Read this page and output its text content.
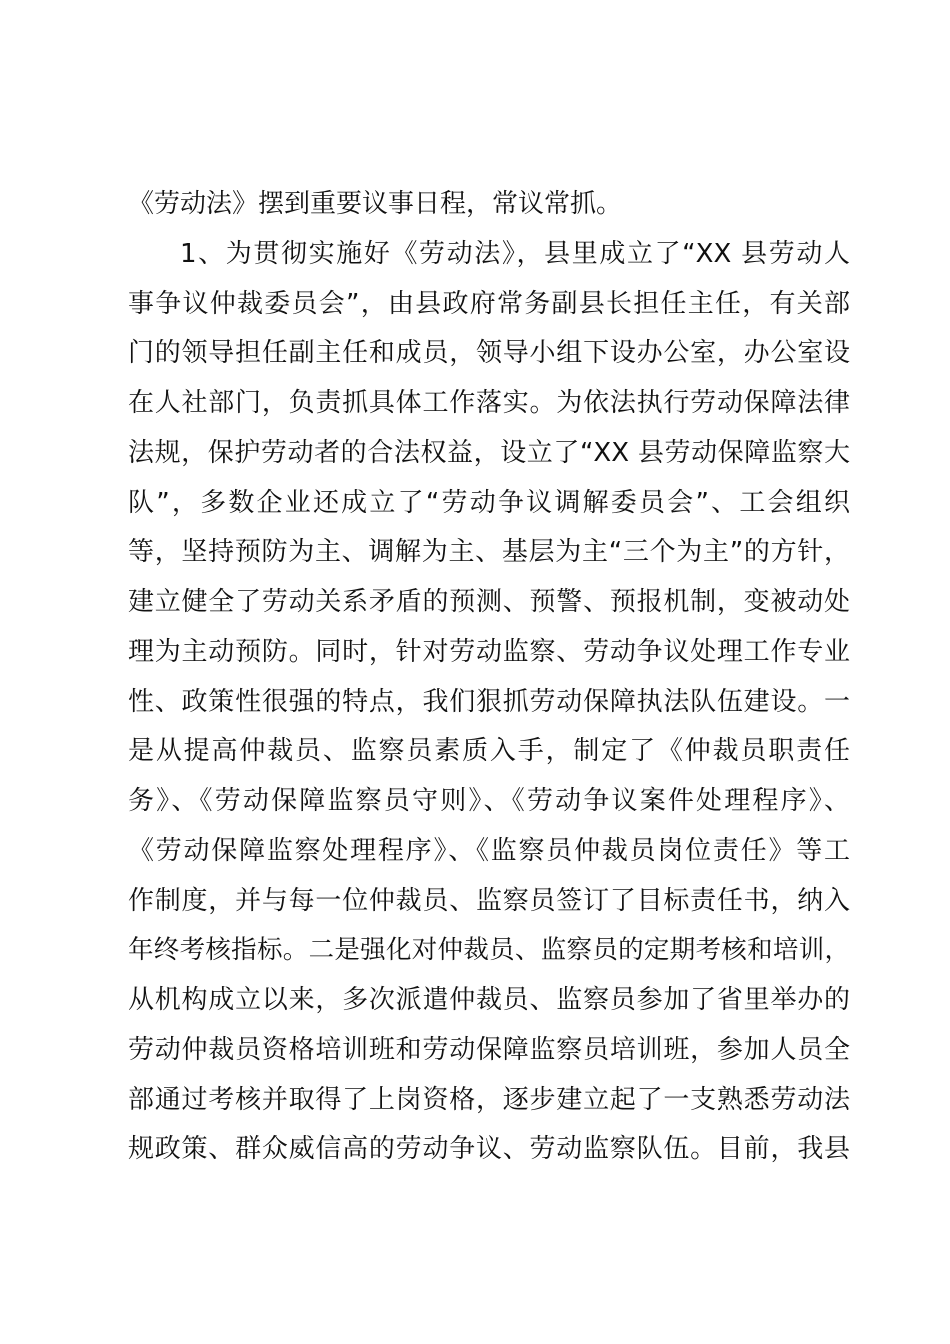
《劳动法》摆到重要议事日程，常议常抓。
1、为贯彻实施好《劳动法》，县里成立了“XX 县劳动人
事争议仲裁委员会”，由县政府常务副县长担任主任，有关部
门的领导担任副主任和成员，领导小组下设办公室，办公室设
在人社部门，负责抓具体工作落实。为依法执行劳动保障法律
法规，保护劳动者的合法权益，设立了“XX 县劳动保障监察大
队”，多数企业还成立了“劳动争议调解委员会”、工会组织
等，坚持预防为主、调解为主、基层为主“三个为主”的方针，
建立健全了劳动关系矛盾的预测、预警、预报机制，变被动处
理为主动预防。同时，针对劳动监察、劳动争议处理工作专业
性、政策性很强的特点，我们狠抓劳动保障执法队伍建设。一
是从提高仲裁员、监察员素质入手，制定了《仲裁员职责任
务》、《劳动保障监察员守则》、《劳动争议案件处理程序》、
《劳动保障监察处理程序》、《监察员仲裁员岗位责任》等工
作制度，并与每一位仲裁员、监察员签订了目标责任书，纳入
年终考核指标。二是强化对仲裁员、监察员的定期考核和培训，
从机构成立以来，多次派遣仲裁员、监察员参加了省里举办的
劳动仲裁员资格培训班和劳动保障监察员培训班，参加人员全
部通过考核并取得了上岗资格，逐步建立起了一支熟悉劳动法
规政策、群众威信高的劳动争议、劳动监察队伍。目前，我县
